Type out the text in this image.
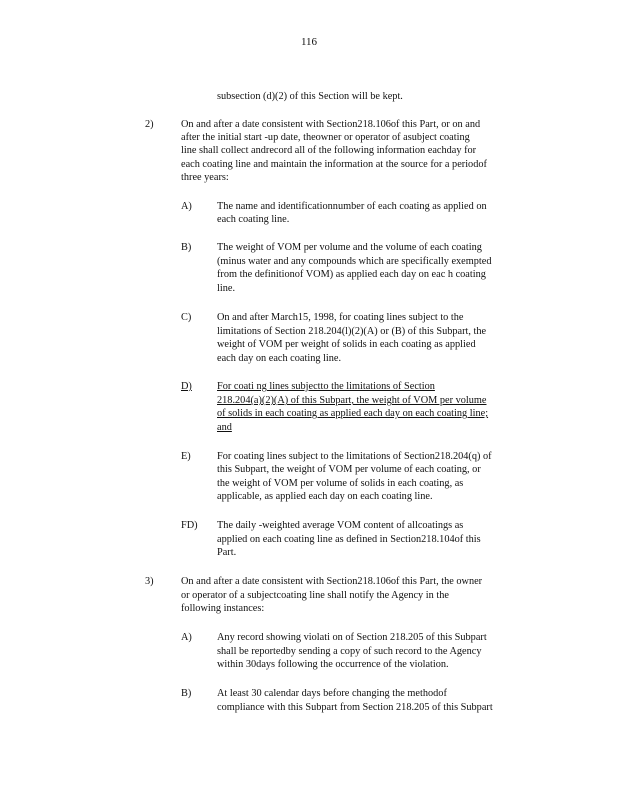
116
subsection (d)(2) of this Section will be kept.
2)	On and after a date consistent with Section218.106of this Part, or on and
after the initial start -up date, theowner or operator of asubject coating
line shall collect andrecord all of the following information eachday for
each coating line and maintain the information at the source for a periodof
three years:
A) The name and identificationnumber of each coating as applied on
each coating line.
B) The weight of VOM per volume and the volume of each coating
(minus water and any compounds which are specifically exempted
from the definitionof VOM) as applied each day on eac h coating
line.
C) On and after March15, 1998, for coating lines subject to the
limitations of Section 218.204(l)(2)(A) or (B) of this Subpart, the
weight of VOM per weight of solids in each coating as applied
each day on each coating line.
D) For coati ng lines subjectto the limitations of Section
218.204(a)(2)(A) of this Subpart, the weight of VOM per volume
of solids in each coating as applied each day on each coating line;
and
E)	For coating lines subject to the limitations of Section218.204(q) of
this Subpart, the weight of VOM per volume of each coating, or
the weight of VOM per volume of solids in each coating, as
applicable, as applied each day on each coating line.
FD) The daily -weighted average VOM content of allcoatings as
applied on each coating line as defined in Section218.104of this
Part.
3)	On and after a date consistent with Section218.106of this Part, the owner
or operator of a subjectcoating line shall notify the Agency in the
following instances:
A) Any record showing violati on of Section 218.205 of this Subpart
shall be reportedby sending a copy of such record to the Agency
within 30days following the occurrence of the violation.
B) At least 30 calendar days before changing the methodof
compliance with this Subpart from Section 218.205 of this Subpart
